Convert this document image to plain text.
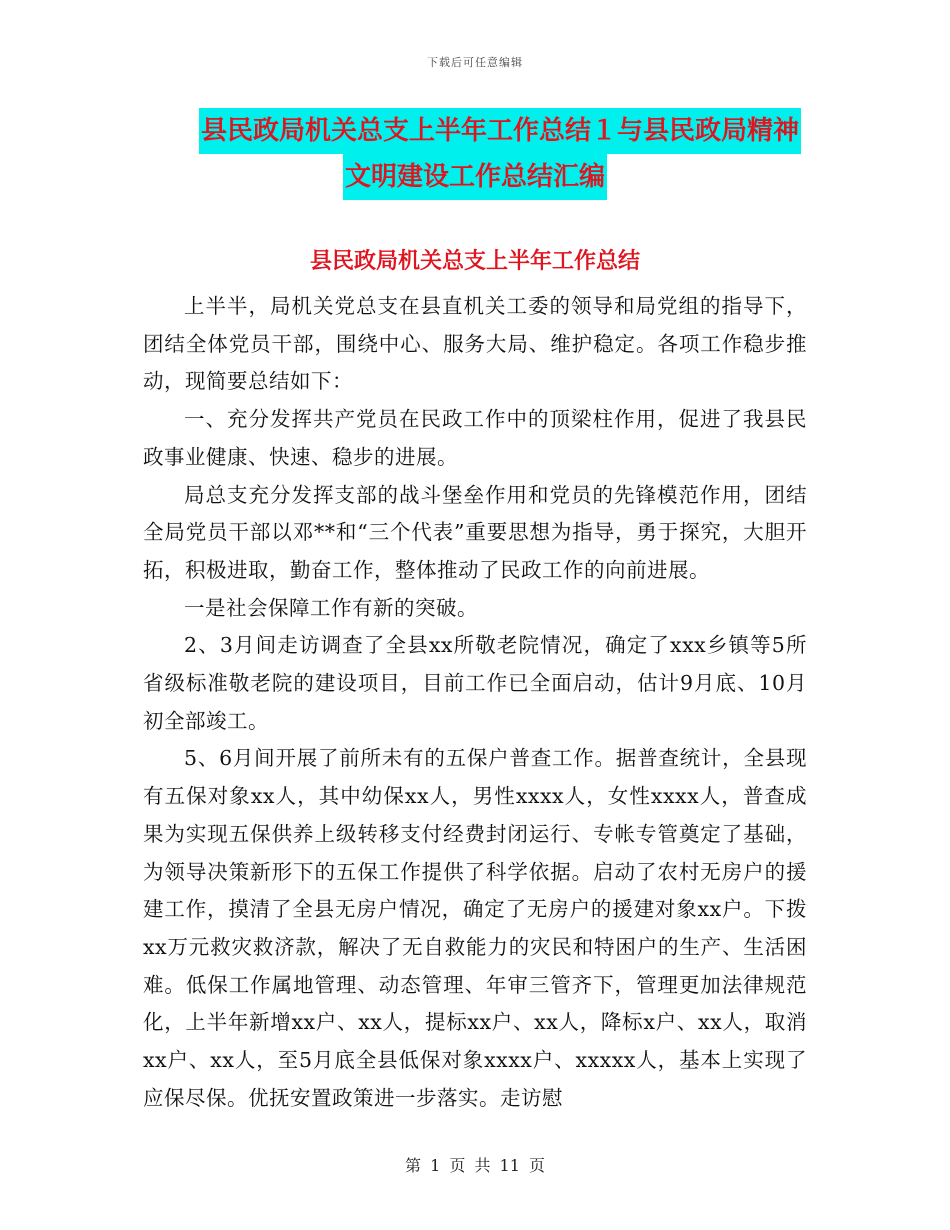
下载后可任意编辑
县民政局机关总支上半年工作总结１与县民政局精神
文明建设工作总结汇编
县民政局机关总支上半年工作总结

上半半，局机关党总支在县直机关工委的领导和局党组的指导下，团结全体党员干部，围绕中心、服务大局、维护稳定。各项工作稳步推动，现简要总结如下：

一、充分发挥共产党员在民政工作中的顶梁柱作用，促进了我县民政事业健康、快速、稳步的进展。

局总支充分发挥支部的战斗堡垒作用和党员的先锋模范作用，团结全局党员干部以邓**和“三个代表”重要思想为指导，勇于探究，大胆开拓，积极进取，勤奋工作，整体推动了民政工作的向前进展。

一是社会保障工作有新的突破。

2、3月间走访调查了全县xx所敬老院情况，确定了xxx乡镇等5所省级标准敬老院的建设项目，目前工作已全面启动，估计9月底、10月初全部竣工。

5、6月间开展了前所未有的五保户普查工作。据普查统计，全县现有五保对象xx人，其中幼保xx人，男性xxxx人，女性xxxx人，普查成果为实现五保供养上级转移支付经费封闭运行、专帐专管奠定了基础，为领导决策新形下的五保工作提供了科学依据。启动了农村无房户的援建工作，摸清了全县无房户情况，确定了无房户的援建对象xx户。下拨xx万元救灾救济款，解决了无自救能力的灾民和特困户的生产、生活困难。低保工作属地管理、动态管理、年审三管齐下，管理更加法律规范化，上半年新增xx户、xx人，提标xx户、xx人，降标x户、xx人，取消xx户、xx人，至5月底全县低保对象xxxx户、xxxxx人，基本上实现了应保尽保。优抚安置政策进一步落实。走访慰

第 1 页 共 11 页
